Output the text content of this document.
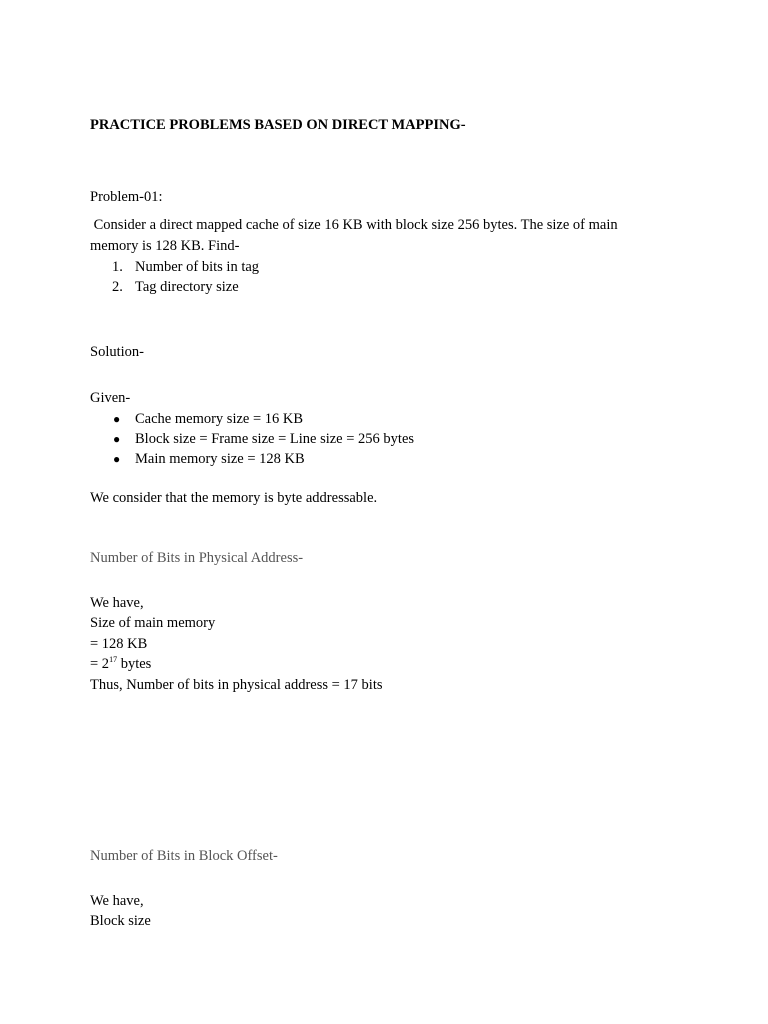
PRACTICE PROBLEMS BASED ON DIRECT MAPPING-
Problem-01:
Consider a direct mapped cache of size 16 KB with block size 256 bytes. The size of main
memory is 128 KB. Find-
1. Number of bits in tag
2. Tag directory size
Solution-
Given-
● Cache memory size = 16 KB
● Block size = Frame size = Line size = 256 bytes
● Main memory size = 128 KB
We consider that the memory is byte addressable.
Number of Bits in Physical Address-
We have,
Size of main memory
= 128 KB
= $2^{17}$ bytes
Thus, Number of bits in physical address = 17 bits
Number of Bits in Block Offset-
We have,
Block size
